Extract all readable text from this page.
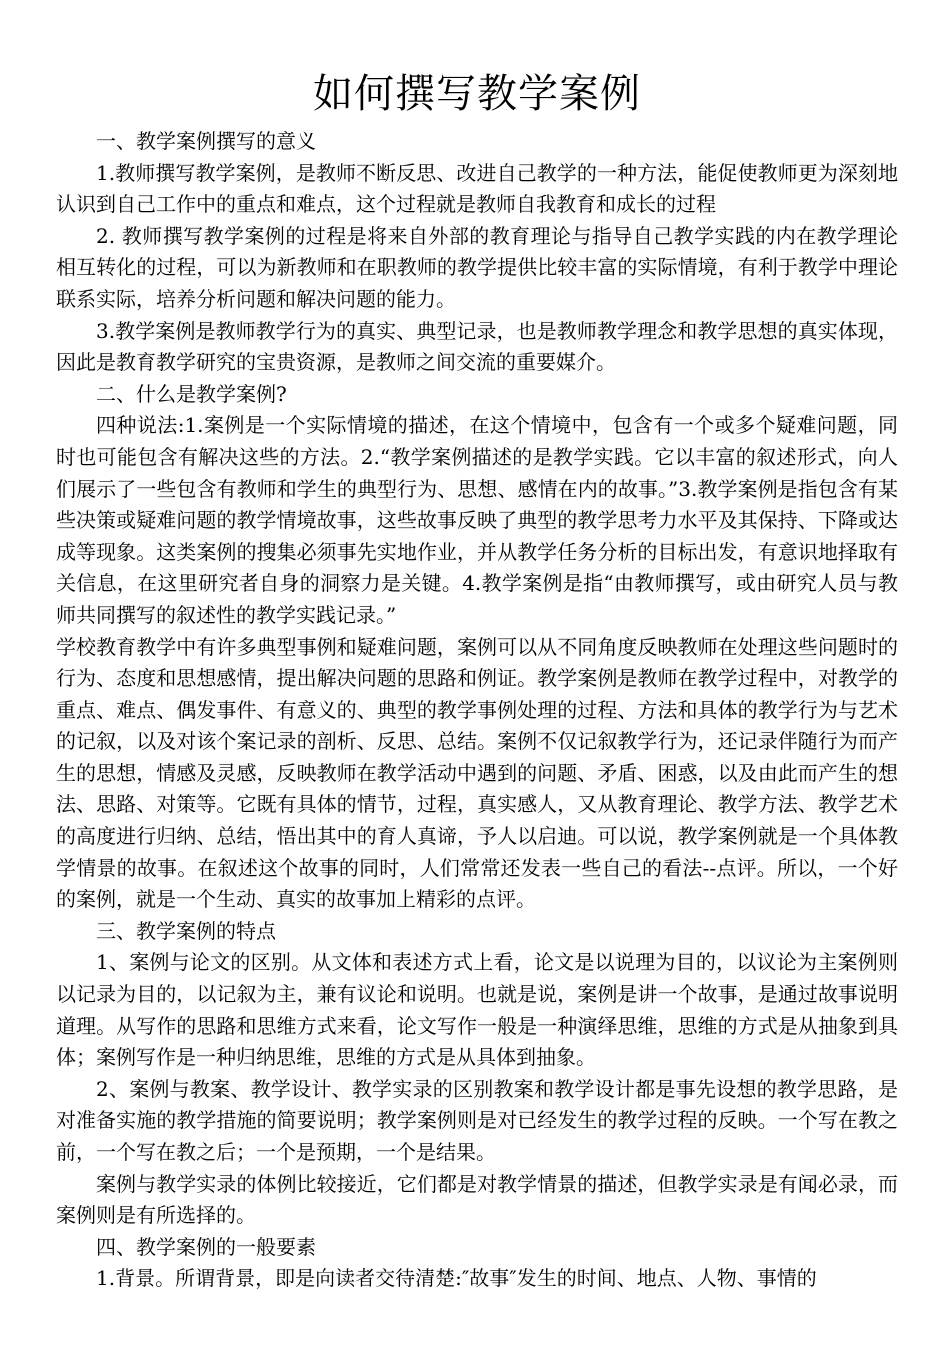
如何撰写教学案例

一、教学案例撰写的意义

1.教师撰写教学案例，是教师不断反思、改进自己教学的一种方法，能促使教师更为深刻地认识到自己工作中的重点和难点，这个过程就是教师自我教育和成长的过程

2. 教师撰写教学案例的过程是将来自外部的教育理论与指导自己教学实践的内在教学理论相互转化的过程，可以为新教师和在职教师的教学提供比较丰富的实际情境，有利于教学中理论联系实际，培养分析问题和解决问题的能力。

3.教学案例是教师教学行为的真实、典型记录，也是教师教学理念和教学思想的真实体现，因此是教育教学研究的宝贵资源，是教师之间交流的重要媒介。

二、什么是教学案例?

四种说法:1.案例是一个实际情境的描述，在这个情境中，包含有一个或多个疑难问题，同时也可能包含有解决这些的方法。2.“教学案例描述的是教学实践。它以丰富的叙述形式，向人们展示了一些包含有教师和学生的典型行为、思想、感情在内的故事。”3.教学案例是指包含有某些决策或疑难问题的教学情境故事，这些故事反映了典型的教学思考力水平及其保持、下降或达成等现象。这类案例的搜集必须事先实地作业，并从教学任务分析的目标出发，有意识地择取有关信息，在这里研究者自身的洞察力是关键。4.教学案例是指“由教师撰写，或由研究人员与教师共同撰写的叙述性的教学实践记录。”

学校教育教学中有许多典型事例和疑难问题，案例可以从不同角度反映教师在处理这些问题时的行为、态度和思想感情，提出解决问题的思路和例证。教学案例是教师在教学过程中，对教学的重点、难点、偶发事件、有意义的、典型的教学事例处理的过程、方法和具体的教学行为与艺术的记叙，以及对该个案记录的剖析、反思、总结。案例不仅记叙教学行为，还记录伴随行为而产生的思想，情感及灵感，反映教师在教学活动中遇到的问题、矛盾、困惑，以及由此而产生的想法、思路、对策等。它既有具体的情节，过程，真实感人，又从教育理论、教学方法、教学艺术的高度进行归纳、总结，悟出其中的育人真谛，予人以启迪。可以说，教学案例就是一个具体教学情景的故事。在叙述这个故事的同时，人们常常还发表一些自己的看法--点评。所以，一个好的案例，就是一个生动、真实的故事加上精彩的点评。

三、教学案例的特点

1、案例与论文的区别。从文体和表述方式上看，论文是以说理为目的，以议论为主案例则以记录为目的，以记叙为主，兼有议论和说明。也就是说，案例是讲一个故事，是通过故事说明道理。从写作的思路和思维方式来看，论文写作一般是一种演绎思维，思维的方式是从抽象到具体；案例写作是一种归纳思维，思维的方式是从具体到抽象。

2、案例与教案、教学设计、教学实录的区别教案和教学设计都是事先设想的教学思路，是对准备实施的教学措施的简要说明；教学案例则是对已经发生的教学过程的反映。一个写在教之前，一个写在教之后；一个是预期，一个是结果。

案例与教学实录的体例比较接近，它们都是对教学情景的描述，但教学实录是有闻必录，而案例则是有所选择的。

四、教学案例的一般要素

1.背景。所谓背景，即是向读者交待清楚:″故事″发生的时间、地点、人物、事情的
